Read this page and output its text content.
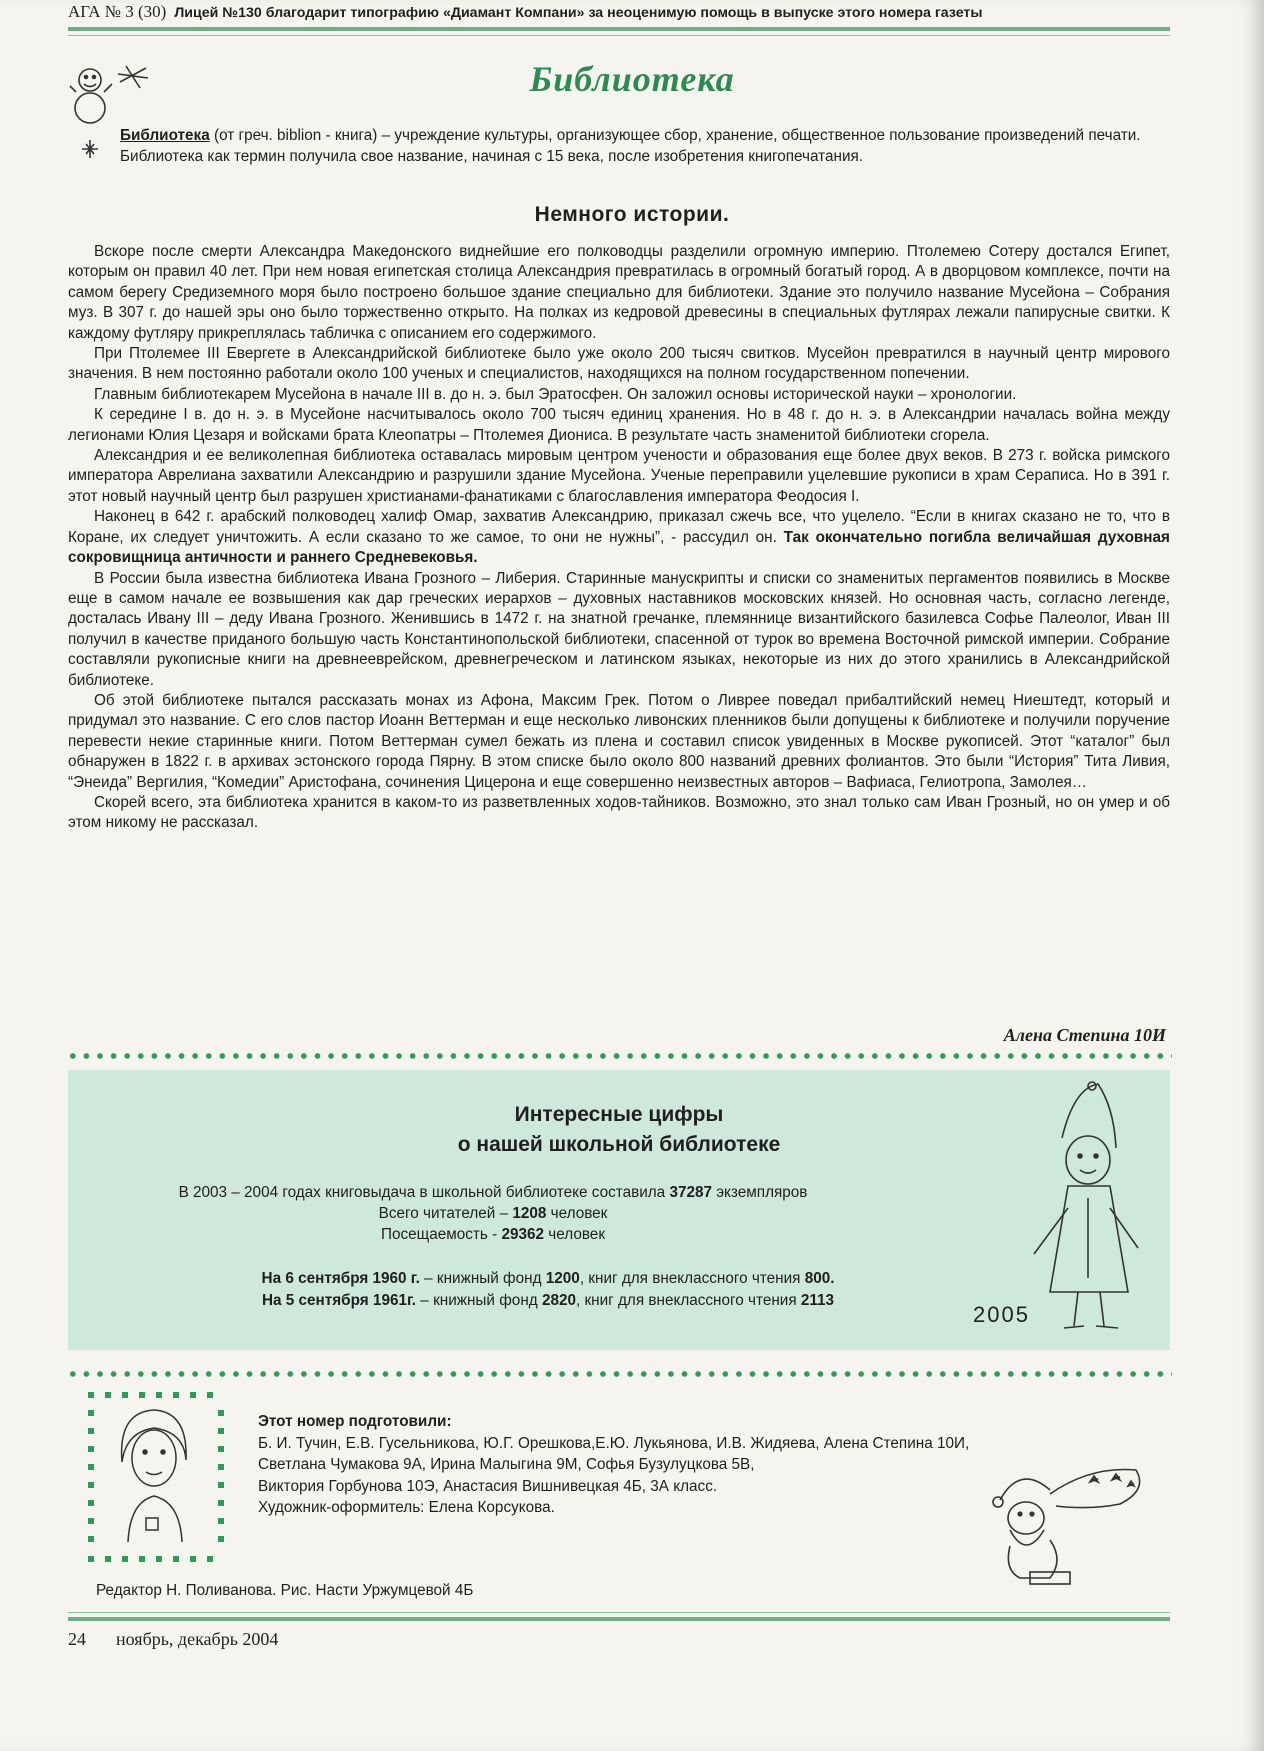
АГА № 3 (30) Лицей №130 благодарит типографию «Диамант Компани» за неоценимую помощь в выпуске этого номера газеты
Библиотека

Библиотека (от греч. biblion - книга) – учреждение культуры, организующее сбор, хранение, общественное пользование произведений печати.

Библиотека как термин получила свое название, начиная с 15 века, после изобретения книгопечатания.

Немного истории.

Вскоре после смерти Александра Македонского виднейшие его полководцы разделили огромную империю. Птолемею Сотеру достался Египет, которым он правил 40 лет. При нем новая египетская столица Александрия превратилась в огромный богатый город. А в дворцовом комплексе, почти на самом берегу Средиземного моря было построено большое здание специально для библиотеки. Здание это получило название Мусейона – Собрания муз. В 307 г. до нашей эры оно было торжественно открыто. На полках из кедровой древесины в специальных футлярах лежали папирусные свитки. К каждому футляру прикреплялась табличка с описанием его содержимого.

При Птолемее III Евергете в Александрийской библиотеке было уже около 200 тысяч свитков. Мусейон превратился в научный центр мирового значения. В нем постоянно работали около 100 ученых и специалистов, находящихся на полном государственном попечении.

Главным библиотекарем Мусейона в начале III в. до н. э. был Эратосфен. Он заложил основы исторической науки – хронологии.

К середине I в. до н. э. в Мусейоне насчитывалось около 700 тысяч единиц хранения. Но в 48 г. до н. э. в Александрии началась война между легионами Юлия Цезаря и войсками брата Клеопатры – Птолемея Диониса. В результате часть знаменитой библиотеки сгорела.

Александрия и ее великолепная библиотека оставалась мировым центром учености и образования еще более двух веков. В 273 г. войска римского императора Аврелиана захватили Александрию и разрушили здание Мусейона. Ученые переправили уцелевшие рукописи в храм Сераписа. Но в 391 г. этот новый научный центр был разрушен христианами-фанатиками с благославления императора Феодосия I.

Наконец в 642 г. арабский полководец халиф Омар, захватив Александрию, приказал сжечь все, что уцелело. “Если в книгах сказано не то, что в Коране, их следует уничтожить. А если сказано то же самое, то они не нужны”, - рассудил он. Так окончательно погибла величайшая духовная сокровищница античности и раннего Средневековья.

В России была известна библиотека Ивана Грозного – Либерия. Старинные манускрипты и списки со знаменитых пергаментов появились в Москве еще в самом начале ее возвышения как дар греческих иерархов – духовных наставников московских князей. Но основная часть, согласно легенде, досталась Ивану III – деду Ивана Грозного. Женившись в 1472 г. на знатной гречанке, племяннице византийского базилевса Софье Палеолог, Иван III получил в качестве приданого большую часть Константинопольской библиотеки, спасенной от турок во времена Восточной римской империи. Собрание составляли рукописные книги на древнееврейском, древнегреческом и латинском языках, некоторые из них до этого хранились в Александрийской библиотеке.

Об этой библиотеке пытался рассказать монах из Афона, Максим Грек. Потом о Ливрее поведал прибалтийский немец Ниештедт, который и придумал это название. С его слов пастор Иоанн Веттерман и еще несколько ливонских пленников были допущены к библиотеке и получили поручение перевести некие старинные книги. Потом Веттерман сумел бежать из плена и составил список увиденных в Москве рукописей. Этот “каталог” был обнаружен в 1822 г. в архивах эстонского города Пярну. В этом списке было около 800 названий древних фолиантов. Это были “История” Тита Ливия, “Энеида” Вергилия, “Комедии” Аристофана, сочинения Цицерона и еще совершенно неизвестных авторов – Вафиаса, Гелиотропа, Замолея…

Скорей всего, эта библиотека хранится в каком-то из разветвленных ходов-тайников. Возможно, это знал только сам Иван Грозный, но он умер и об этом никому не рассказал.

Алена Степина 10И
Интересные цифры
о нашей школьной библиотеке
В 2003 – 2004 годах книговыдача в школьной библиотеке составила 37287 экземпляров
Всего читателей – 1208 человек
Посещаемость - 29362 человек
На 6 сентября 1960 г. – книжный фонд 1200, книг для внеклассного чтения 800.
На 5 сентября 1961г. – книжный фонд 2820, книг для внеклассного чтения 2113
2005
Этот номер подготовили:
Б. И. Тучин, Е.В. Гусельникова, Ю.Г. Орешкова,Е.Ю. Лукьянова, И.В. Жидяева, Алена Степина 10И,
Светлана Чумакова 9А, Ирина Малыгина 9М, Софья Бузулуцкова 5В,
Виктория Горбунова 10Э, Анастасия Вишнивецкая 4Б, 3А класс.
Художник-оформитель: Елена Корсукова.
Редактор Н. Поливанова. Рис. Насти Уржумцевой 4Б
24 ноябрь, декабрь 2004
